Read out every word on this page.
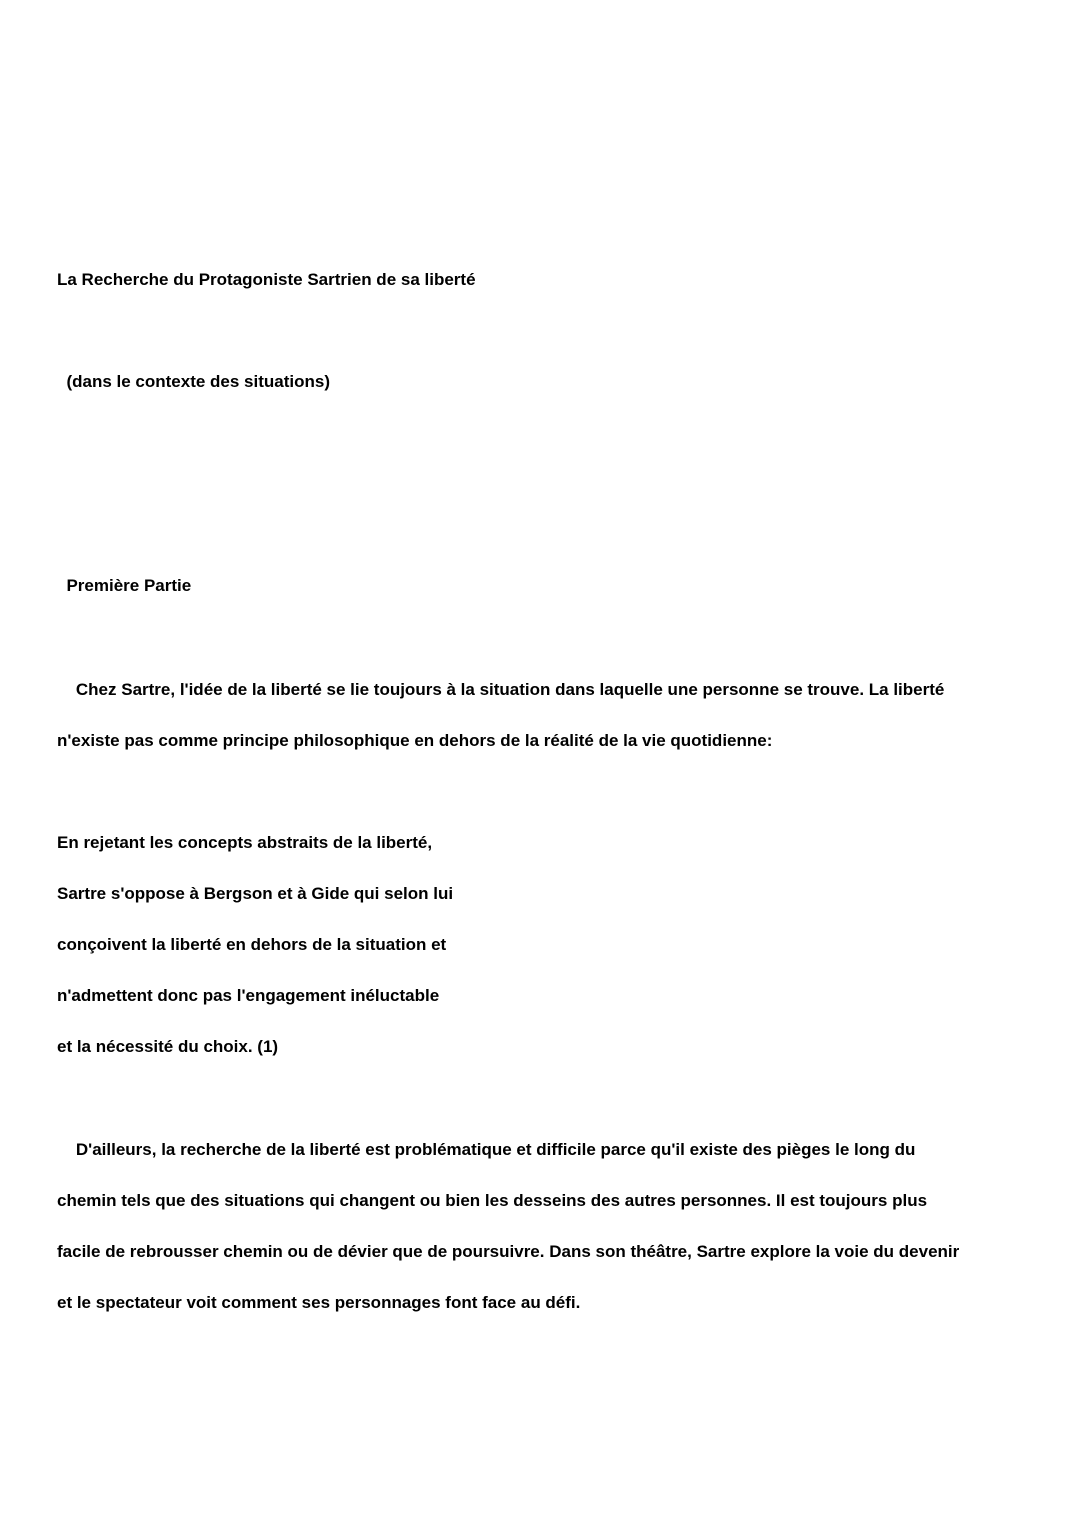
La Recherche du Protagoniste Sartrien de sa liberté
(dans le contexte des situations)
Première Partie
Chez Sartre, l'idée de la liberté se lie toujours à la situation dans laquelle une personne se trouve. La liberté
n'existe pas comme principe philosophique en dehors de la réalité de la vie quotidienne:
En rejetant les concepts abstraits de la liberté,
Sartre s'oppose à Bergson et à Gide qui selon lui
conçoivent la liberté en dehors de la situation et
n'admettent donc pas l'engagement inéluctable
et la nécessité du choix. (1)
D'ailleurs, la recherche de la liberté est problématique et difficile parce qu'il existe des pièges le long du
chemin tels que des situations qui changent ou bien les desseins des autres personnes. Il est toujours plus
facile de rebrousser chemin ou de dévier que de poursuivre. Dans son théâtre, Sartre explore la voie du devenir
et le spectateur voit comment ses personnages font face au défi.
